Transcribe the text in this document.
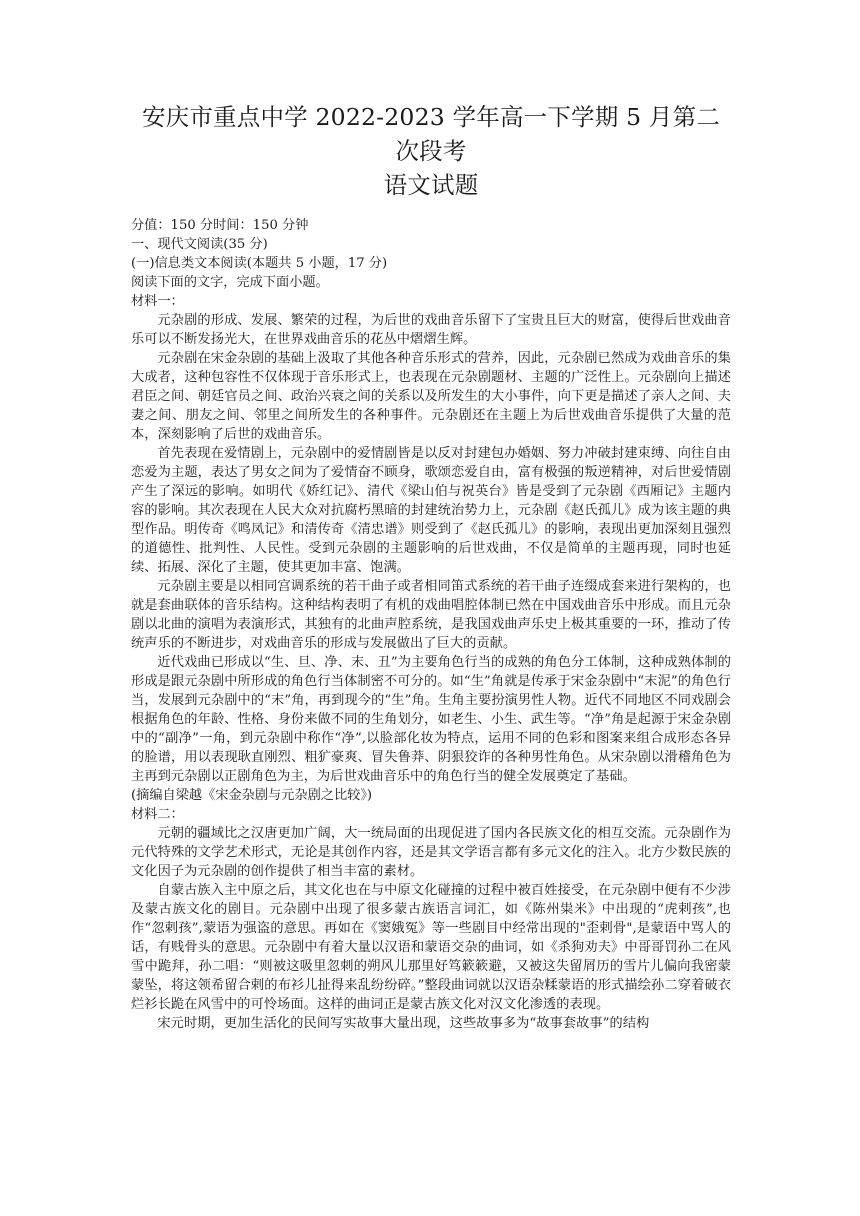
安庆市重点中学 2022-2023 学年高一下学期 5 月第二次段考
语文试题

分值：150 分时间：150 分钟

一、现代文阅读(35 分)

(一)信息类文本阅读(本题共 5 小题，17 分)

阅读下面的文字，完成下面小题。

材料一：

元杂剧的形成、发展、繁荣的过程，为后世的戏曲音乐留下了宝贵且巨大的财富，使得后世戏曲音乐可以不断发扬光大，在世界戏曲音乐的花丛中熠熠生辉。

元杂剧在宋金杂剧的基础上汲取了其他各种音乐形式的营养，因此，元杂剧已然成为戏曲音乐的集大成者，这种包容性不仅体现于音乐形式上，也表现在元杂剧题材、主题的广泛性上。元杂剧向上描述君臣之间、朝廷官员之间、政治兴衰之间的关系以及所发生的大小事件，向下更是描述了亲人之间、夫妻之间、朋友之间、邻里之间所发生的各种事件。元杂剧还在主题上为后世戏曲音乐提供了大量的范本，深刻影响了后世的戏曲音乐。

首先表现在爱情剧上，元杂剧中的爱情剧皆是以反对封建包办婚姻、努力冲破封建束缚、向往自由恋爱为主题，表达了男女之间为了爱情奋不顾身，歌颂恋爱自由，富有极强的叛逆精神，对后世爱情剧产生了深远的影响。如明代《娇红记》、清代《梁山伯与祝英台》皆是受到了元杂剧《西厢记》主题内容的影响。其次表现在人民大众对抗腐朽黑暗的封建统治势力上，元杂剧《赵氏孤儿》成为该主题的典型作品。明传奇《鸣凤记》和清传奇《清忠谱》则受到了《赵氏孤儿》的影响，表现出更加深刻且强烈的道德性、批判性、人民性。受到元杂剧的主题影响的后世戏曲，不仅是简单的主题再现，同时也延续、拓展、深化了主题，使其更加丰富、饱满。

元杂剧主要是以相同宫调系统的若干曲子或者相同笛式系统的若干曲子连缀成套来进行架构的，也就是套曲联体的音乐结构。这种结构表明了有机的戏曲唱腔体制已然在中国戏曲音乐中形成。而且元杂剧以北曲的演唱为表演形式，其独有的北曲声腔系统，是我国戏曲声乐史上极其重要的一环，推动了传统声乐的不断进步，对戏曲音乐的形成与发展做出了巨大的贡献。

近代戏曲已形成以“生、旦、净、末、丑”为主要角色行当的成熟的角色分工体制，这种成熟体制的形成是跟元杂剧中所形成的角色行当体制密不可分的。如“生”角就是传承于宋金杂剧中“末泥”的角色行当，发展到元杂剧中的“末”角，再到现今的“生”角。生角主要扮演男性人物。近代不同地区不同戏剧会根据角色的年龄、性格、身份来做不同的生角划分，如老生、小生、武生等。“净”角是起源于宋金杂剧中的“副净”一角，到元杂剧中称作“净”,以脸部化妆为特点，运用不同的色彩和图案来组合成形态各异的脸谱，用以表现耿直刚烈、粗犷豪爽、冒失鲁莽、阴狠狡诈的各种男性角色。从宋杂剧以滑稽角色为主再到元杂剧以正剧角色为主，为后世戏曲音乐中的角色行当的健全发展奠定了基础。

(摘编自梁越《宋金杂剧与元杂剧之比较》)

材料二：

元朝的疆域比之汉唐更加广阔，大一统局面的出现促进了国内各民族文化的相互交流。元杂剧作为元代特殊的文学艺术形式，无论是其创作内容，还是其文学语言都有多元文化的注入。北方少数民族的文化因子为元杂剧的创作提供了相当丰富的素材。

自蒙古族入主中原之后，其文化也在与中原文化碰撞的过程中被百姓接受，在元杂剧中便有不少涉及蒙古族文化的剧目。元杂剧中出现了很多蒙古族语言词汇，如《陈州粜米》中出现的“虎剌孩”,也作“忽剌孩”,蒙语为强盗的意思。再如在《窦娥冤》等一些剧目中经常出现的"歪剌骨",是蒙语中骂人的话，有贱骨头的意思。元杂剧中有着大量以汉语和蒙语交杂的曲词，如《杀狗劝夫》中哥哥罚孙二在风雪中跪拜，孙二唱：“则被这吸里忽刺的朔风儿那里好笃簌簌避，又被这失留屑历的雪片儿偏向我密蒙蒙坠，将这领希留合剌的布衫儿扯得来乱纷纷碎。”整段曲词就以汉语杂糅蒙语的形式描绘孙二穿着破衣烂衫长跪在风雪中的可怜场面。这样的曲词正是蒙古族文化对汉文化渗透的表现。

宋元时期，更加生活化的民间写实故事大量出现，这些故事多为“故事套故事”的结构
